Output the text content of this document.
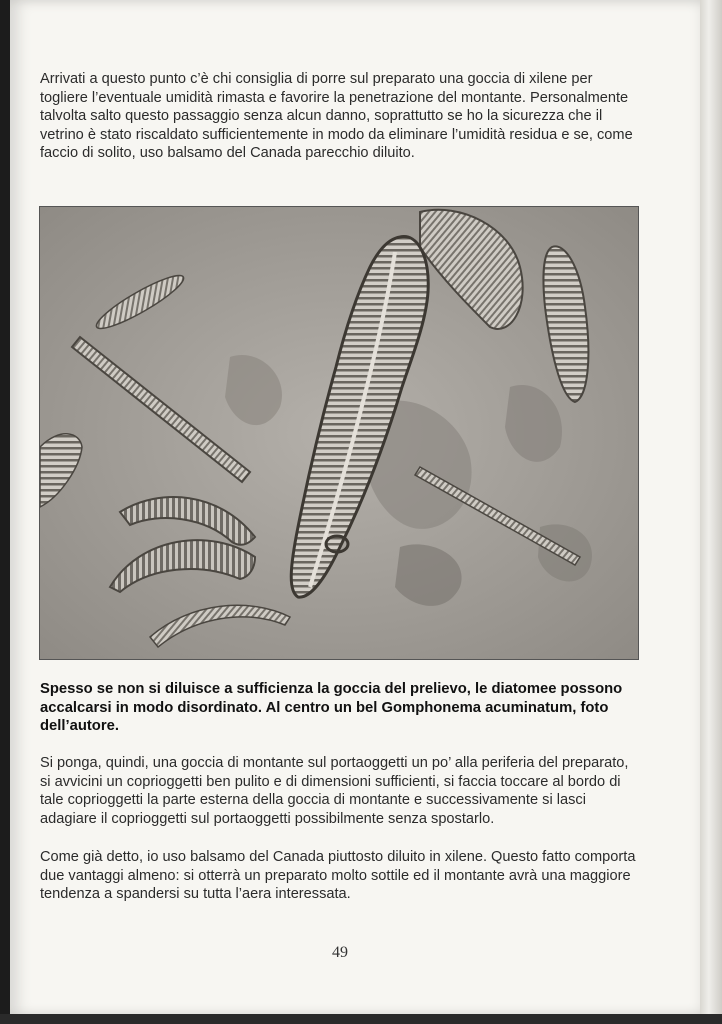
Arrivati a questo punto c’è chi consiglia di porre sul preparato una goccia di xilene per togliere l’eventuale umidità rimasta e favorire la penetrazione del montante. Personalmente talvolta salto questo passaggio senza alcun danno, soprattutto se ho la sicurezza che il vetrino è stato riscaldato sufficientemente in modo da eliminare l’umidità residua e se, come faccio di solito, uso balsamo del Canada parecchio diluito.

Spesso se non si diluisce a sufficienza la goccia del prelievo, le diatomee possono accalcarsi in modo disordinato. Al centro un bel Gomphonema acuminatum, foto dell’autore.

Si ponga, quindi, una goccia di montante sul portaoggetti un po’ alla periferia del preparato, si avvicini un coprioggetti ben pulito e di dimensioni sufficienti, si faccia toccare al bordo di tale coprioggetti la parte esterna della goccia di montante e successivamente si lasci adagiare il coprioggetti sul portaoggetti possibilmente senza spostarlo.

Come già detto, io uso balsamo del Canada piuttosto diluito in xilene. Questo fatto comporta due vantaggi almeno: si otterrà un preparato molto sottile ed il montante avrà una maggiore tendenza a spandersi su tutta l’aera interessata.

49
